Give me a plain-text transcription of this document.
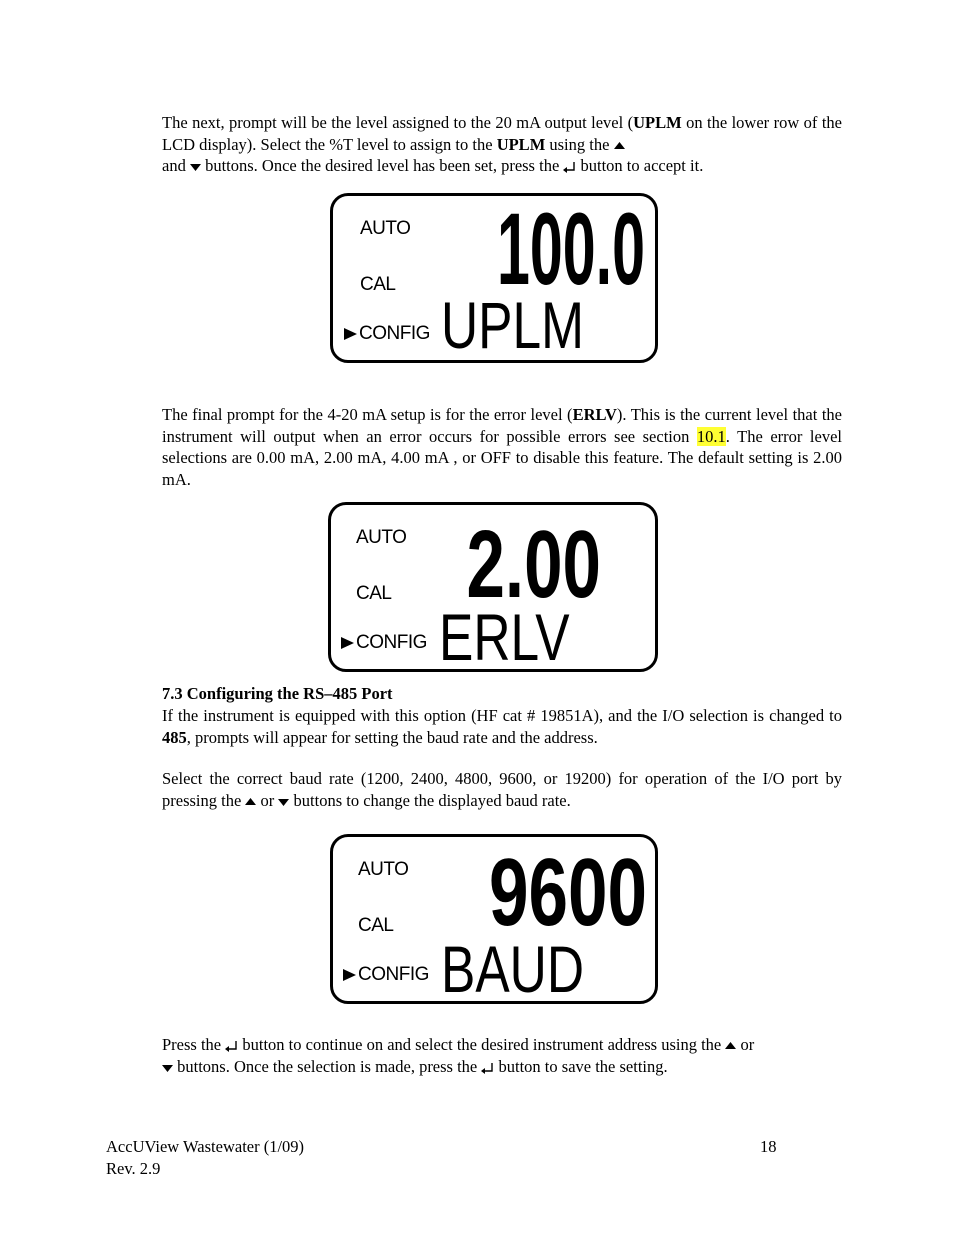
The next, prompt will be the level assigned to the 20 mA output level (UPLM on the lower row of the LCD display). Select the %T level to assign to the UPLM using the
and  buttons. Once the desired level has been set, press the  button to accept it.
AUTO
CAL
CONFIG
100.0
UPLM
The final prompt for the 4-20 mA setup is for the error level (ERLV). This is the current level that the instrument will output when an error occurs for possible errors see section 10.1. The error level selections are 0.00 mA, 2.00 mA, 4.00 mA , or OFF to disable this feature. The default setting is 2.00 mA.
AUTO
CAL
CONFIG
2.00
ERLV
7.3 Configuring the RS–485 Port
If the instrument is equipped with this option (HF cat # 19851A), and the I/O selection is changed to 485, prompts will appear for setting the baud rate and the address.
Select the correct baud rate (1200, 2400, 4800, 9600, or 19200) for operation of the I/O port by pressing the  or  buttons to change the displayed baud rate.
AUTO
CAL
CONFIG
9600
BAUD
Press the  button to continue on and select the desired instrument address using the  or
buttons. Once the selection is made, press the  button to save the setting.
AccUView Wastewater (1/09)
Rev. 2.9
18
